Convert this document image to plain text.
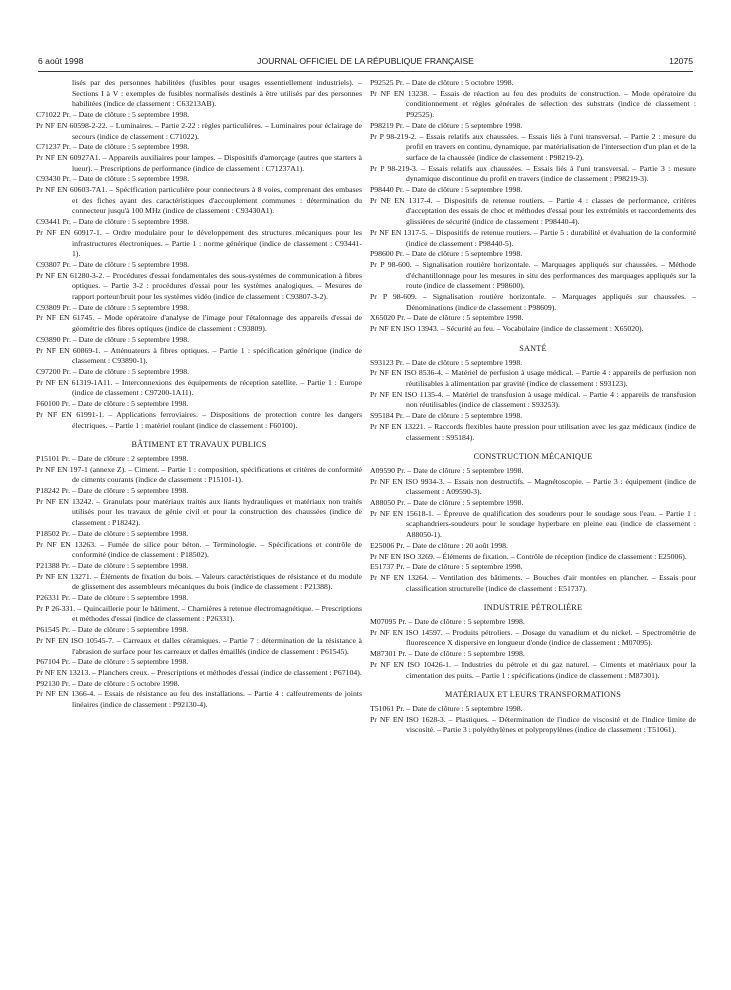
6 août 1998	JOURNAL OFFICIEL DE LA RÉPUBLIQUE FRANÇAISE	12075

lisés par des personnes habilitées (fusibles pour usages essentiellement industriels). – Sections I à V : exemples de fusibles normalisés destinés à être utilisés par des personnes habilitées (indice de classement : C63213AB).

C71022 Pr. – Date de clôture : 5 septembre 1998.

Pr NF EN 60598-2-22. – Luminaires. – Partie 2-22 : règles particulières. – Luminaires pour éclairage de secours (indice de classement : C71022).

C71237 Pr. – Date de clôture : 5 septembre 1998.

Pr NF EN 60927A1. – Appareils auxiliaires pour lampes. – Dispositifs d'amorçage (autres que starters à lueur). – Prescriptions de performance (indice de classement : C71237A1).

C93430 Pr. – Date de clôture : 5 septembre 1998.

Pr NF EN 60603-7A1. – Spécification particulière pour connecteurs à 8 voies, comprenant des embases et des fiches ayant des caractéristiques d'accouplement communes : détermination du connecteur jusqu'à 100 MHz (indice de classement : C93430A1).

C93441 Pr. – Date de clôture : 5 septembre 1998.

Pr NF EN 60917-1. – Ordre modulaire pour le développement des structures mécaniques pour les infrastructures électroniques. – Partie 1 : norme générique (indice de classement : C93441-1).

C93807 Pr. – Date de clôture : 5 septembre 1998.

Pr NF EN 61280-3-2. – Procédures d'essai fondamentales des sous-systèmes de communication à fibres optiques. – Partie 3-2 : procédures d'essai pour les systèmes analogiques. – Mesures de rapport porteur/bruit pour les systèmes vidéo (indice de classement : C93807-3-2).

C93809 Pr. – Date de clôture : 5 septembre 1998.

Pr NF EN 61745. – Mode opératoire d'analyse de l'image pour l'étalonnage des appareils d'essai de géométrie des fibres optiques (indice de classement : C93809).

C93890 Pr. – Date de clôture : 5 septembre 1998.

Pr NF EN 60869-1. – Atténuateurs à fibres optiques. – Partie 1 : spécification générique (indice de classement : C93890-1).

C97200 Pr. – Date de clôture : 5 septembre 1998.

Pr NF EN 61319-1A11. – Interconnexions des équipements de réception satellite. – Partie 1 : Europe (indice de classement : C97200-1A11).

F60100 Pr. – Date de clôture : 5 septembre 1998.

Pr NF EN 61991-1. – Applications ferroviaires. – Dispositions de protection contre les dangers électriques. – Partie 1 : matériel roulant (indice de classement : F60100).

BÂTIMENT ET TRAVAUX PUBLICS

P15101 Pr. – Date de clôture : 2 septembre 1998.

Pr NF EN 197-1 (annexe Z). – Ciment. – Partie 1 : composition, spécifications et critères de conformité de ciments courants (indice de classement : P15101-1).

P18242 Pr. – Date de clôture : 5 septembre 1998.

Pr NF EN 13242. – Granulats pour matériaux traités aux liants hydrauliques et matériaux non traités utilisés pour les travaux de génie civil et pour la construction des chaussées (indice de classement : P18242).

P18502 Pr. – Date de clôture : 5 septembre 1998.

Pr NF EN 13263. – Fumée de silice pour béton. – Terminologie. – Spécifications et contrôle de conformité (indice de classement : P18502).

P21388 Pr. – Date de clôture : 5 septembre 1998.

Pr NF EN 13271. – Éléments de fixation du bois. – Valeurs caractéristiques de résistance et du module de glissement des assembleurs mécaniques du bois (indice de classement : P21388).

P26331 Pr. – Date de clôture : 5 septembre 1998.

Pr P 26-331. – Quincaillerie pour le bâtiment. – Charnières à retenue électromagnétique. – Prescriptions et méthodes d'essai (indice de classement : P26331).

P61545 Pr. – Date de clôture : 5 septembre 1998.

Pr NF EN ISO 10545-7. – Carreaux et dalles céramiques. – Partie 7 : détermination de la résistance à l'abrasion de surface pour les carreaux et dalles émaillés (indice de classement : P61545).

P67104 Pr. – Date de clôture : 5 septembre 1998.

Pr NF EN 13213. – Planchers creux. – Prescriptions et méthodes d'essai (indice de classement : P67104).

P92130 Pr. – Date de clôture : 5 octobre 1998.

Pr NF EN 1366-4. – Essais de résistance au feu des installations. – Partie 4 : calfeutrements de joints linéaires (indice de classement : P92130-4).

P92525 Pr. – Date de clôture : 5 octobre 1998.

Pr NF EN 13238. – Essais de réaction au feu des produits de construction. – Mode opératoire du conditionnement et règles générales de sélection des substrats (indice de classement : P92525).

P98219 Pr. – Date de clôture : 5 septembre 1998.

Pr P 98-219-2. – Essais relatifs aux chaussées. – Essais liés à l'uni transversal. – Partie 2 : mesure du profil en travers en continu, dynamique, par matérialisation de l'intersection d'un plan et de la surface de la chaussée (indice de classement : P98219-2).

Pr P 98-219-3. – Essais relatifs aux chaussées. – Essais liés à l'uni transversal. – Partie 3 : mesure dynamique discontinue du profil en travers (indice de classement : P98219-3).

P98440 Pr. – Date de clôture : 5 septembre 1998.

Pr NF EN 1317-4. – Dispositifs de retenue routiers. – Partie 4 : classes de performance, critères d'acceptation des essais de choc et méthodes d'essai pour les extrémités et raccordements des glissières de sécurité (indice de classement : P98440-4).

Pr NF EN 1317-5. – Dispositifs de retenue routiers. – Partie 5 : durabilité et évaluation de la conformité (indice de classement : P98440-5).

P98600 Pr. – Date de clôture : 5 septembre 1998.

Pr P 98-600. – Signalisation routière horizontale. – Marquages appliqués sur chaussées. – Méthode d'échantillonnage pour les mesures in situ des performances des marquages appliqués sur la route (indice de classement : P98600).

Pr P 98-609. – Signalisation routière horizontale. – Marquages appliqués sur chaussées. – Dénominations (indice de classement : P98609).

X65020 Pr. – Date de clôture : 5 septembre 1998.

Pr NF EN ISO 13943. – Sécurité au feu. – Vocabulaire (indice de classement : X65020).

SANTÉ

S93123 Pr. – Date de clôture : 5 septembre 1998.

Pr NF EN ISO 8536-4. – Matériel de perfusion à usage médical. – Partie 4 : appareils de perfusion non réutilisables à alimentation par gravité (indice de classement : S93123).

Pr NF EN ISO 1135-4. – Matériel de transfusion à usage médical. – Partie 4 : appareils de transfusion non réutilisables (indice de classement : S93253).

S95184 Pr. – Date de clôture : 5 septembre 1998.

Pr NF EN 13221. – Raccords flexibles haute pression pour utilisation avec les gaz médicaux (indice de classement : S95184).

CONSTRUCTION MÉCANIQUE

A09590 Pr. – Date de clôture : 5 septembre 1998.

Pr NF EN ISO 9934-3. – Essais non destructifs. – Magnétoscopie. – Partie 3 : équipement (indice de classement : A09590-3).

A88050 Pr. – Date de clôture : 5 septembre 1998.

Pr NF EN 15618-1. – Épreuve de qualification des soudeurs pour le soudage sous l'eau. – Partie 1 : scaphandriers-soudeurs pour le soudage hyperbare en pleine eau (indice de classement : A88050-1).

E25006 Pr. – Date de clôture : 20 août 1998.

Pr NF EN ISO 3269. – Éléments de fixation. – Contrôle de réception (indice de classement : E25006).

E51737 Pr. – Date de clôture : 5 septembre 1998.

Pr NF EN 13264. – Ventilation des bâtiments. – Bouches d'air montées en plancher. – Essais pour classification structurelle (indice de classement : E51737).

INDUSTRIE PÉTROLIÈRE

M07095 Pr. – Date de clôture : 5 septembre 1998.

Pr NF EN ISO 14597. – Produits pétroliers. – Dosage du vanadium et du nickel. – Spectrométrie de fluorescence X dispersive en longueur d'onde (indice de classement : M07095).

M87301 Pr. – Date de clôture : 5 septembre 1998.

Pr NF EN ISO 10426-1. – Industries du pétrole et du gaz naturel. – Ciments et matériaux pour la cimentation des puits. – Partie 1 : spécifications (indice de classement : M87301).

MATÉRIAUX ET LEURS TRANSFORMATIONS

T51061 Pr. – Date de clôture : 5 septembre 1998.

Pr NF EN ISO 1628-3. – Plastiques. – Détermination de l'indice de viscosité et de l'indice limite de viscosité. – Partie 3 : polyéthylènes et polypropylènes (indice de classement : T51061).
